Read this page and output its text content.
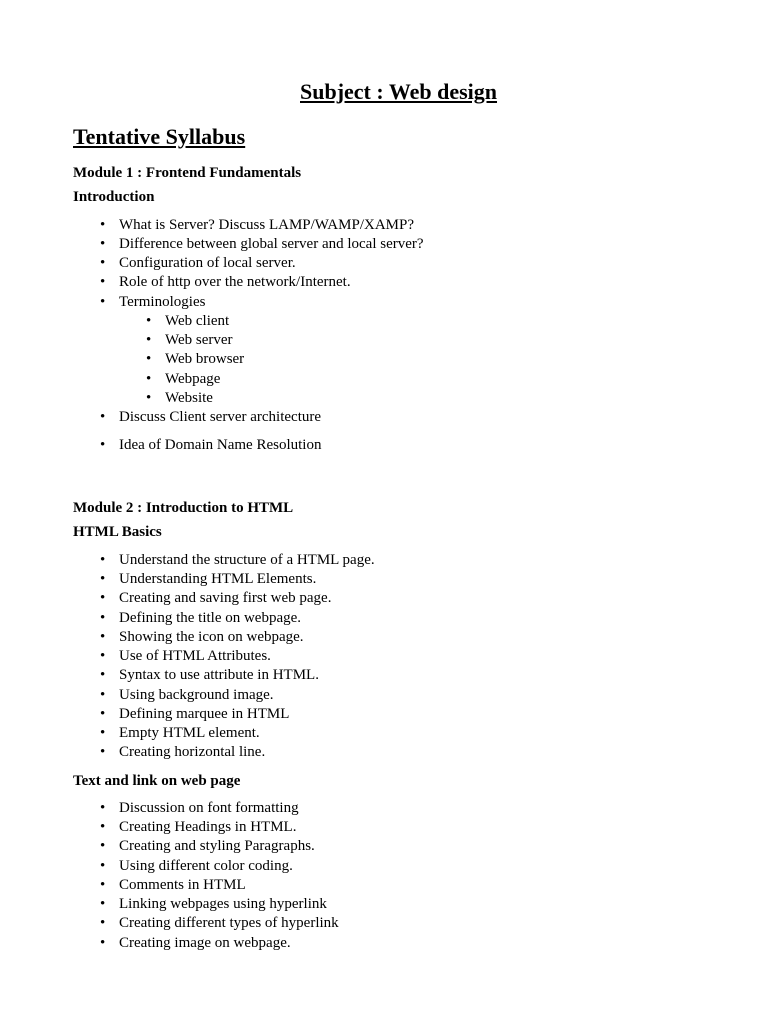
Subject : Web design
Tentative Syllabus
Module 1 : Frontend Fundamentals
Introduction
• What is Server? Discuss LAMP/WAMP/XAMP?
• Difference between global server and local server?
• Configuration of local server.
• Role of http over the network/Internet.
• Terminologies
• Web client
• Web server
• Web browser
• Webpage
• Website
• Discuss Client server architecture
• Idea of Domain Name Resolution
Module 2 : Introduction to HTML
HTML Basics
• Understand the structure of a HTML page.
• Understanding HTML Elements.
• Creating and saving first web page.
• Defining the title on webpage.
• Showing the icon on webpage.
• Use of HTML Attributes.
• Syntax to use attribute in HTML.
• Using background image.
• Defining marquee in HTML
• Empty HTML element.
• Creating horizontal line.
Text and link on web page
• Discussion on font formatting
• Creating Headings in HTML.
• Creating and styling Paragraphs.
• Using different color coding.
• Comments in HTML
• Linking webpages using hyperlink
• Creating different types of hyperlink
• Creating image on webpage.
